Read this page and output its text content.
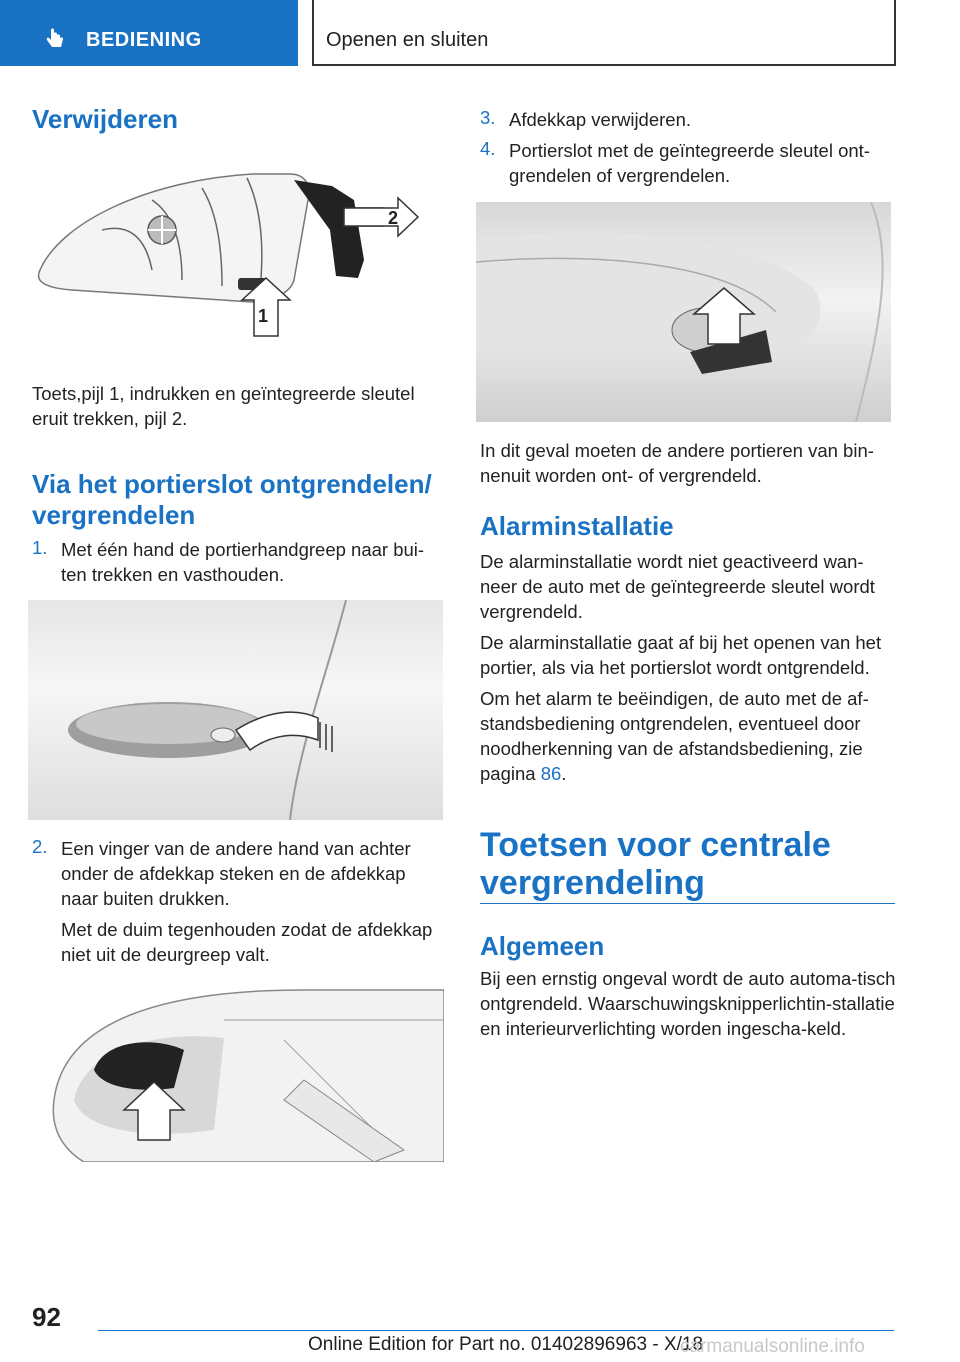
BEDIENING	Openen en sluiten
Verwijderen
2
1

Toets,pijl 1, indrukken en geïntegreerde sleutel eruit trekken, pijl 2.

Via het portierslot ontgrendelen/ vergrendelen
1. Met één hand de portierhandgreep naar bui‐ten trekken en vasthouden.
2. Een vinger van de andere hand van achter onder de afdekkap steken en de afdekkap naar buiten drukken.
Met de duim tegenhouden zodat de afdekkap niet uit de deurgreep valt.
3. Afdekkap verwijderen.
4. Portierslot met de geïntegreerde sleutel ont‐grendelen of vergrendelen.

In dit geval moeten de andere portieren van bin‐nenuit worden ont- of vergrendeld.

Alarminstallatie

De alarminstallatie wordt niet geactiveerd wan‐neer de auto met de geïntegreerde sleutel wordt vergrendeld.

De alarminstallatie gaat af bij het openen van het portier, als via het portierslot wordt ontgrendeld.

Om het alarm te beëindigen, de auto met de af‐standsbediening ontgrendelen, eventueel door noodherkenning van de afstandsbediening, zie pagina 86.

Toetsen voor centrale vergrendeling
Algemeen

Bij een ernstig ongeval wordt de auto automa‐tisch ontgrendeld. Waarschuwingsknipperlichtin‐stallatie en interieurverlichting worden ingescha‐keld.

92
Online Edition for Part no. 01402896963 - X/18
carmanualsonline.info
